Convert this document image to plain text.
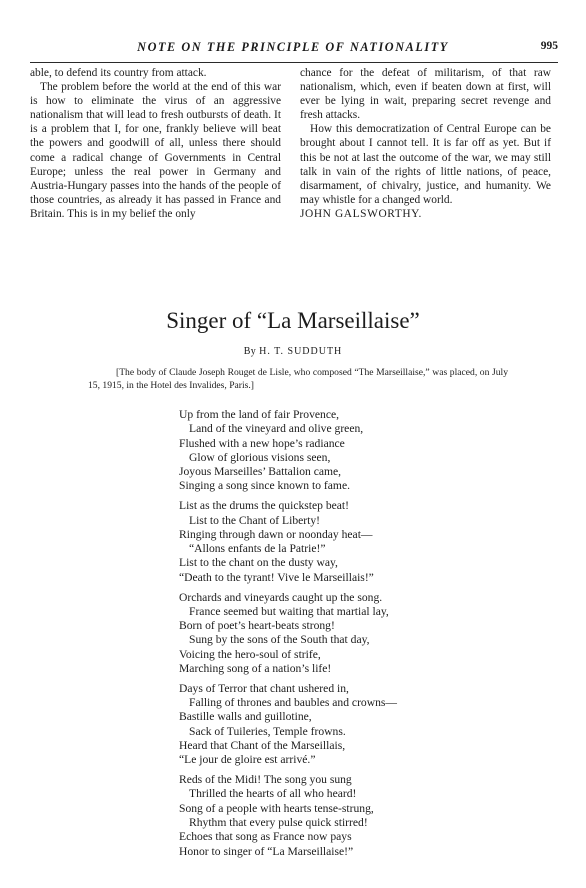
NOTE ON THE PRINCIPLE OF NATIONALITY	995

able, to defend its country from attack.

The problem before the world at the end of this war is how to eliminate the virus of an aggressive nationalism that will lead to fresh outbursts of death. It is a problem that I, for one, frankly believe will beat the powers and goodwill of all, unless there should come a radical change of Governments in Central Europe; unless the real power in Germany and Austria-Hungary passes into the hands of the people of those countries, as already it has passed in France and Britain. This is in my belief the only

chance for the defeat of militarism, of that raw nationalism, which, even if beaten down at first, will ever be lying in wait, preparing secret revenge and fresh attacks.

How this democratization of Central Europe can be brought about I cannot tell. It is far off as yet. But if this be not at last the outcome of the war, we may still talk in vain of the rights of little nations, of peace, disarmament, of chivalry, justice, and humanity. We may whistle for a changed world.

JOHN GALSWORTHY.

Singer of “La Marseillaise”
By H. T. SUDDUTH
[The body of Claude Joseph Rouget de Lisle, who composed “The Marseillaise,” was placed, on July 15, 1915, in the Hotel des Invalides, Paris.]
Up from the land of fair Provence,
Land of the vineyard and olive green,
Flushed with a new hope’s radiance
Glow of glorious visions seen,
Joyous Marseilles’ Battalion came,
Singing a song since known to fame.
List as the drums the quickstep beat!
List to the Chant of Liberty!
Ringing through dawn or noonday heat—
“Allons enfants de la Patrie!”
List to the chant on the dusty way,
“Death to the tyrant! Vive le Marseillais!”
Orchards and vineyards caught up the song.
France seemed but waiting that martial lay,
Born of poet’s heart-beats strong!
Sung by the sons of the South that day,
Voicing the hero-soul of strife,
Marching song of a nation’s life!
Days of Terror that chant ushered in,
Falling of thrones and baubles and crowns—
Bastille walls and guillotine,
Sack of Tuileries, Temple frowns.
Heard that Chant of the Marseillais,
“Le jour de gloire est arrivé.”
Reds of the Midi! The song you sung
Thrilled the hearts of all who heard!
Song of a people with hearts tense-strung,
Rhythm that every pulse quick stirred!
Echoes that song as France now pays
Honor to singer of “La Marseillaise!”
